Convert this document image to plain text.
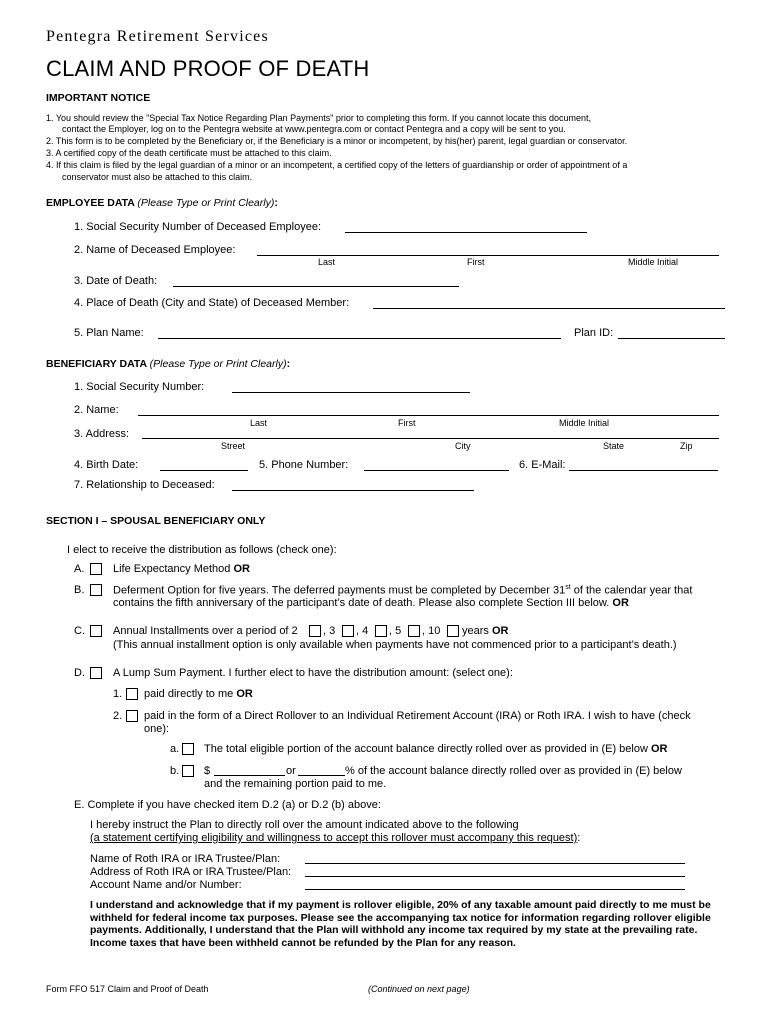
Pentegra Retirement Services
CLAIM AND PROOF OF DEATH
IMPORTANT NOTICE
1. You should review the "Special Tax Notice Regarding Plan Payments" prior to completing this form. If you cannot locate this document,
contact the Employer, log on to the Pentegra website at www.pentegra.com or contact Pentegra and a copy will be sent to you.
2. This form is to be completed by the Beneficiary or, if the Beneficiary is a minor or incompetent, by his(her) parent, legal guardian or conservator.
3. A certified copy of the death certificate must be attached to this claim.
4. If this claim is filed by the legal guardian of a minor or an incompetent, a certified copy of the letters of guardianship or order of appointment of a
conservator must also be attached to this claim.
EMPLOYEE DATA (Please Type or Print Clearly):
1. Social Security Number of Deceased Employee:
2. Name of Deceased Employee:
Last	First	Middle Initial
3. Date of Death:
4. Place of Death (City and State) of Deceased Member:
5. Plan Name:	Plan ID:
BENEFICIARY DATA (Please Type or Print Clearly):
1. Social Security Number:
2. Name:
Last	First	Middle Initial
3. Address:
Street	City	State	Zip
4. Birth Date:	5. Phone Number:	6. E-Mail:
7. Relationship to Deceased:
SECTION I – SPOUSAL BENEFICIARY ONLY
I elect to receive the distribution as follows (check one):
A.	Life Expectancy Method OR
B.	Deferment Option for five years. The deferred payments must be completed by December 31st of the calendar year that
contains the fifth anniversary of the participant’s date of death. Please also complete Section III below. OR
C.	Annual Installments over a period of 2 , 3 , 4 , 5 , 10 years OR
(This annual installment option is only available when payments have not commenced prior to a participant’s death.)
D.	A Lump Sum Payment. I further elect to have the distribution amount: (select one):
1. paid directly to me OR
2. paid in the form of a Direct Rollover to an Individual Retirement Account (IRA) or Roth IRA. I wish to have (check
one):
a. The total eligible portion of the account balance directly rolled over as provided in (E) below OR
b. $	or	% of the account balance directly rolled over as provided in (E) below
and the remaining portion paid to me.
E. Complete if you have checked item D.2 (a) or D.2 (b) above:
I hereby instruct the Plan to directly roll over the amount indicated above to the following
(a statement certifying eligibility and willingness to accept this rollover must accompany this request):
Name of Roth IRA or IRA Trustee/Plan:
Address of Roth IRA or IRA Trustee/Plan:
Account Name and/or Number:
I understand and acknowledge that if my payment is rollover eligible, 20% of any taxable amount paid directly to me must be withheld for federal income tax purposes. Please see the accompanying tax notice for information regarding rollover eligible payments. Additionally, I understand that the Plan will withhold any income tax required by my state at the prevailing rate. Income taxes that have been withheld cannot be refunded by the Plan for any reason.
Form FFO 517 Claim and Proof of Death	(Continued on next page)
